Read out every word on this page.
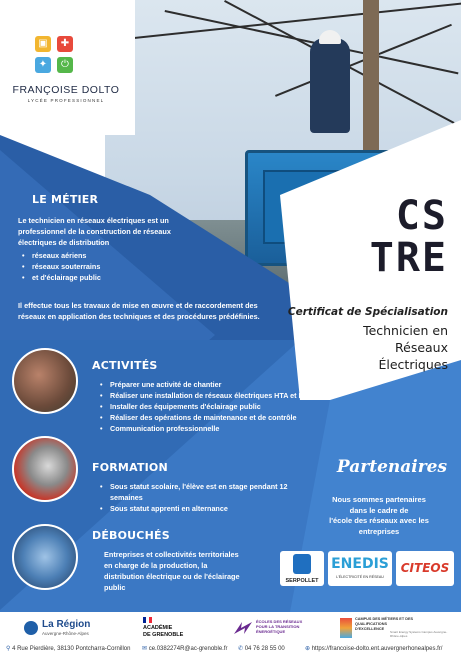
▣	✚
✦	⏻
FRANÇOISE DOLTO
LYCÉE PROFESSIONNEL
CS
TRE
Certificat de Spécialisation
Technicien en
Réseaux
Électriques
LE MÉTIER
Le technicien en réseaux électriques est un professionnel de la construction de réseaux électriques de distribution
• réseaux aériens
• réseaux souterrains
• et d'éclairage public
Il effectue tous les travaux de mise en œuvre et de raccordement des réseaux en application des techniques et des procédures prédéfinies.
ACTIVITÉS
• Préparer une activité de chantier
• Réaliser une installation de réseaux électriques HTA et BT
• Installer des équipements d'éclairage public
• Réaliser des opérations de maintenance et de contrôle
• Communication professionnelle
FORMATION
• Sous statut scolaire, l'élève est en stage pendant 12 semaines
• Sous statut apprenti en alternance
DÉBOUCHÉS
Entreprises et collectivités territoriales en charge de la production, la distribution électrique ou de l'éclairage public
Partenaires
Nous sommes partenaires
dans le cadre de
l'école des réseaux avec les
entreprises
SERPOLLET
ENEDIS
L'ÉLECTRICITÉ EN RÉSEAU
CITEOS
La Région
Auvergne-Rhône-Alpes
ACADÉMIE
DE GRENOBLE
ÉCOLES DES RÉSEAUX POUR LA TRANSITION ÉNERGÉTIQUE
CAMPUS DES MÉTIERS ET DES QUALIFICATIONS D'EXCELLENCE
Smart Energy Systems Campus Auvergne-Rhône-Alpes
⚲ 4 Rue Pierdière, 38130 Pontcharra-Cornillon ✉ ce.0382274R@ac-grenoble.fr ✆ 04 76 28 55 00	⊕ https://francoise-dolto.ent.auvergnerhonealpes.fr/
